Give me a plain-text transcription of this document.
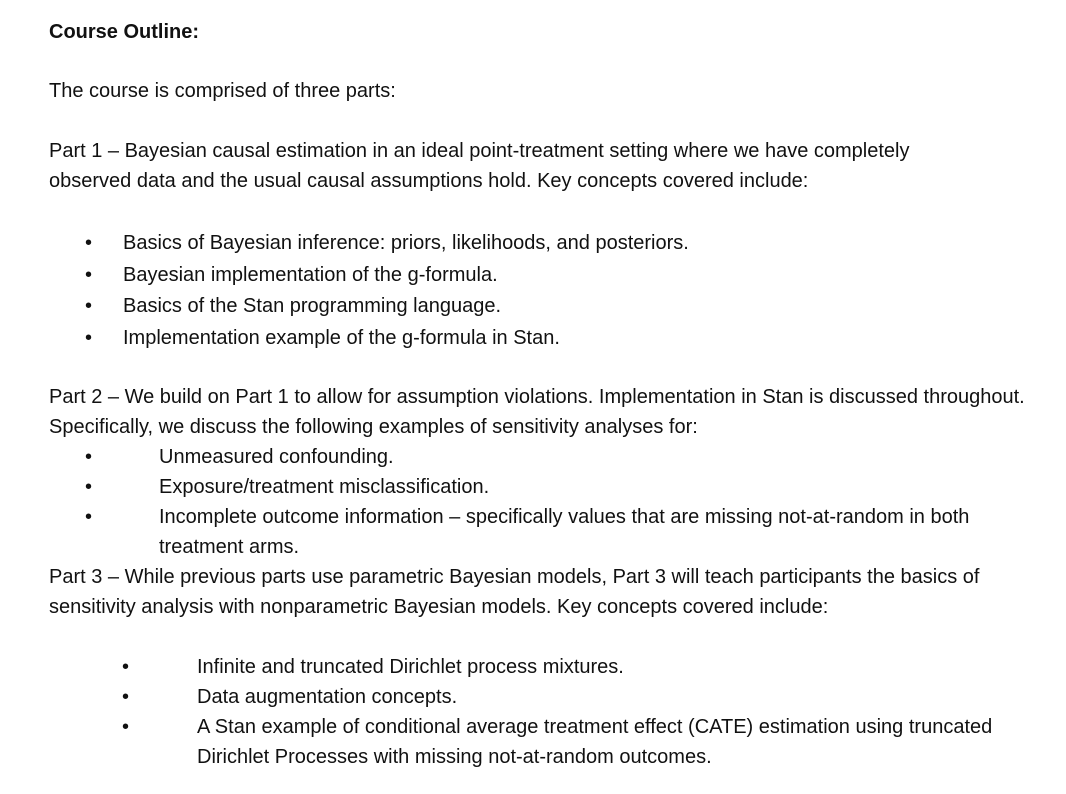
Course Outline:

The course is comprised of three parts:

Part 1 – Bayesian causal estimation in an ideal point-treatment setting where we have completely observed data and the usual causal assumptions hold. Key concepts covered include:

• Basics of Bayesian inference: priors, likelihoods, and posteriors.
• Bayesian implementation of the g-formula.
• Basics of the Stan programming language.
• Implementation example of the g-formula in Stan.

Part 2 – We build on Part 1 to allow for assumption violations. Implementation in Stan is discussed throughout. Specifically, we discuss the following examples of sensitivity analyses for:

•	Unmeasured confounding.
•	Exposure/treatment misclassification.
•	Incomplete outcome information – specifically values that are missing not-at-random in both treatment arms.

Part 3 – While previous parts use parametric Bayesian models, Part 3 will teach participants the basics of sensitivity analysis with nonparametric Bayesian models. Key concepts covered include:

•	Infinite and truncated Dirichlet process mixtures.
•	Data augmentation concepts.
•	A Stan example of conditional average treatment effect (CATE) estimation using truncated Dirichlet Processes with missing not-at-random outcomes.
